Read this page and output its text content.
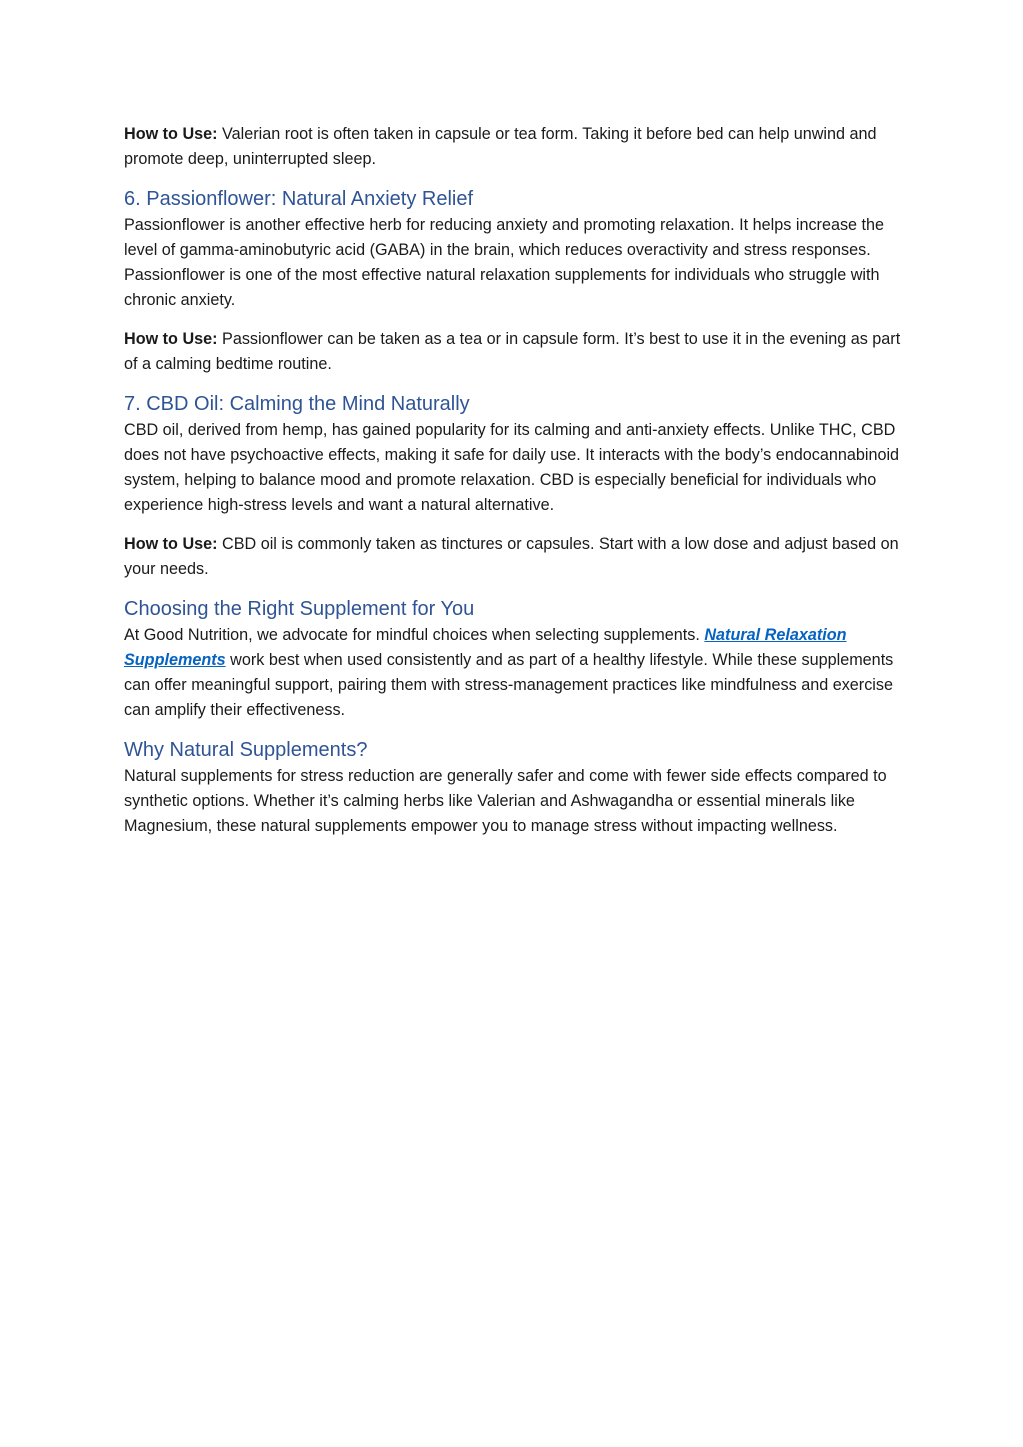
How to Use: Valerian root is often taken in capsule or tea form. Taking it before bed can help unwind and promote deep, uninterrupted sleep.

6. Passionflower: Natural Anxiety Relief

Passionflower is another effective herb for reducing anxiety and promoting relaxation. It helps increase the level of gamma-aminobutyric acid (GABA) in the brain, which reduces overactivity and stress responses. Passionflower is one of the most effective natural relaxation supplements for individuals who struggle with chronic anxiety.

How to Use: Passionflower can be taken as a tea or in capsule form. It’s best to use it in the evening as part of a calming bedtime routine.

7. CBD Oil: Calming the Mind Naturally

CBD oil, derived from hemp, has gained popularity for its calming and anti-anxiety effects. Unlike THC, CBD does not have psychoactive effects, making it safe for daily use. It interacts with the body’s endocannabinoid system, helping to balance mood and promote relaxation. CBD is especially beneficial for individuals who experience high-stress levels and want a natural alternative.

How to Use: CBD oil is commonly taken as tinctures or capsules. Start with a low dose and adjust based on your needs.

Choosing the Right Supplement for You

At Good Nutrition, we advocate for mindful choices when selecting supplements. Natural Relaxation Supplements work best when used consistently and as part of a healthy lifestyle. While these supplements can offer meaningful support, pairing them with stress-management practices like mindfulness and exercise can amplify their effectiveness.

Why Natural Supplements?

Natural supplements for stress reduction are generally safer and come with fewer side effects compared to synthetic options. Whether it’s calming herbs like Valerian and Ashwagandha or essential minerals like Magnesium, these natural supplements empower you to manage stress without impacting wellness.
